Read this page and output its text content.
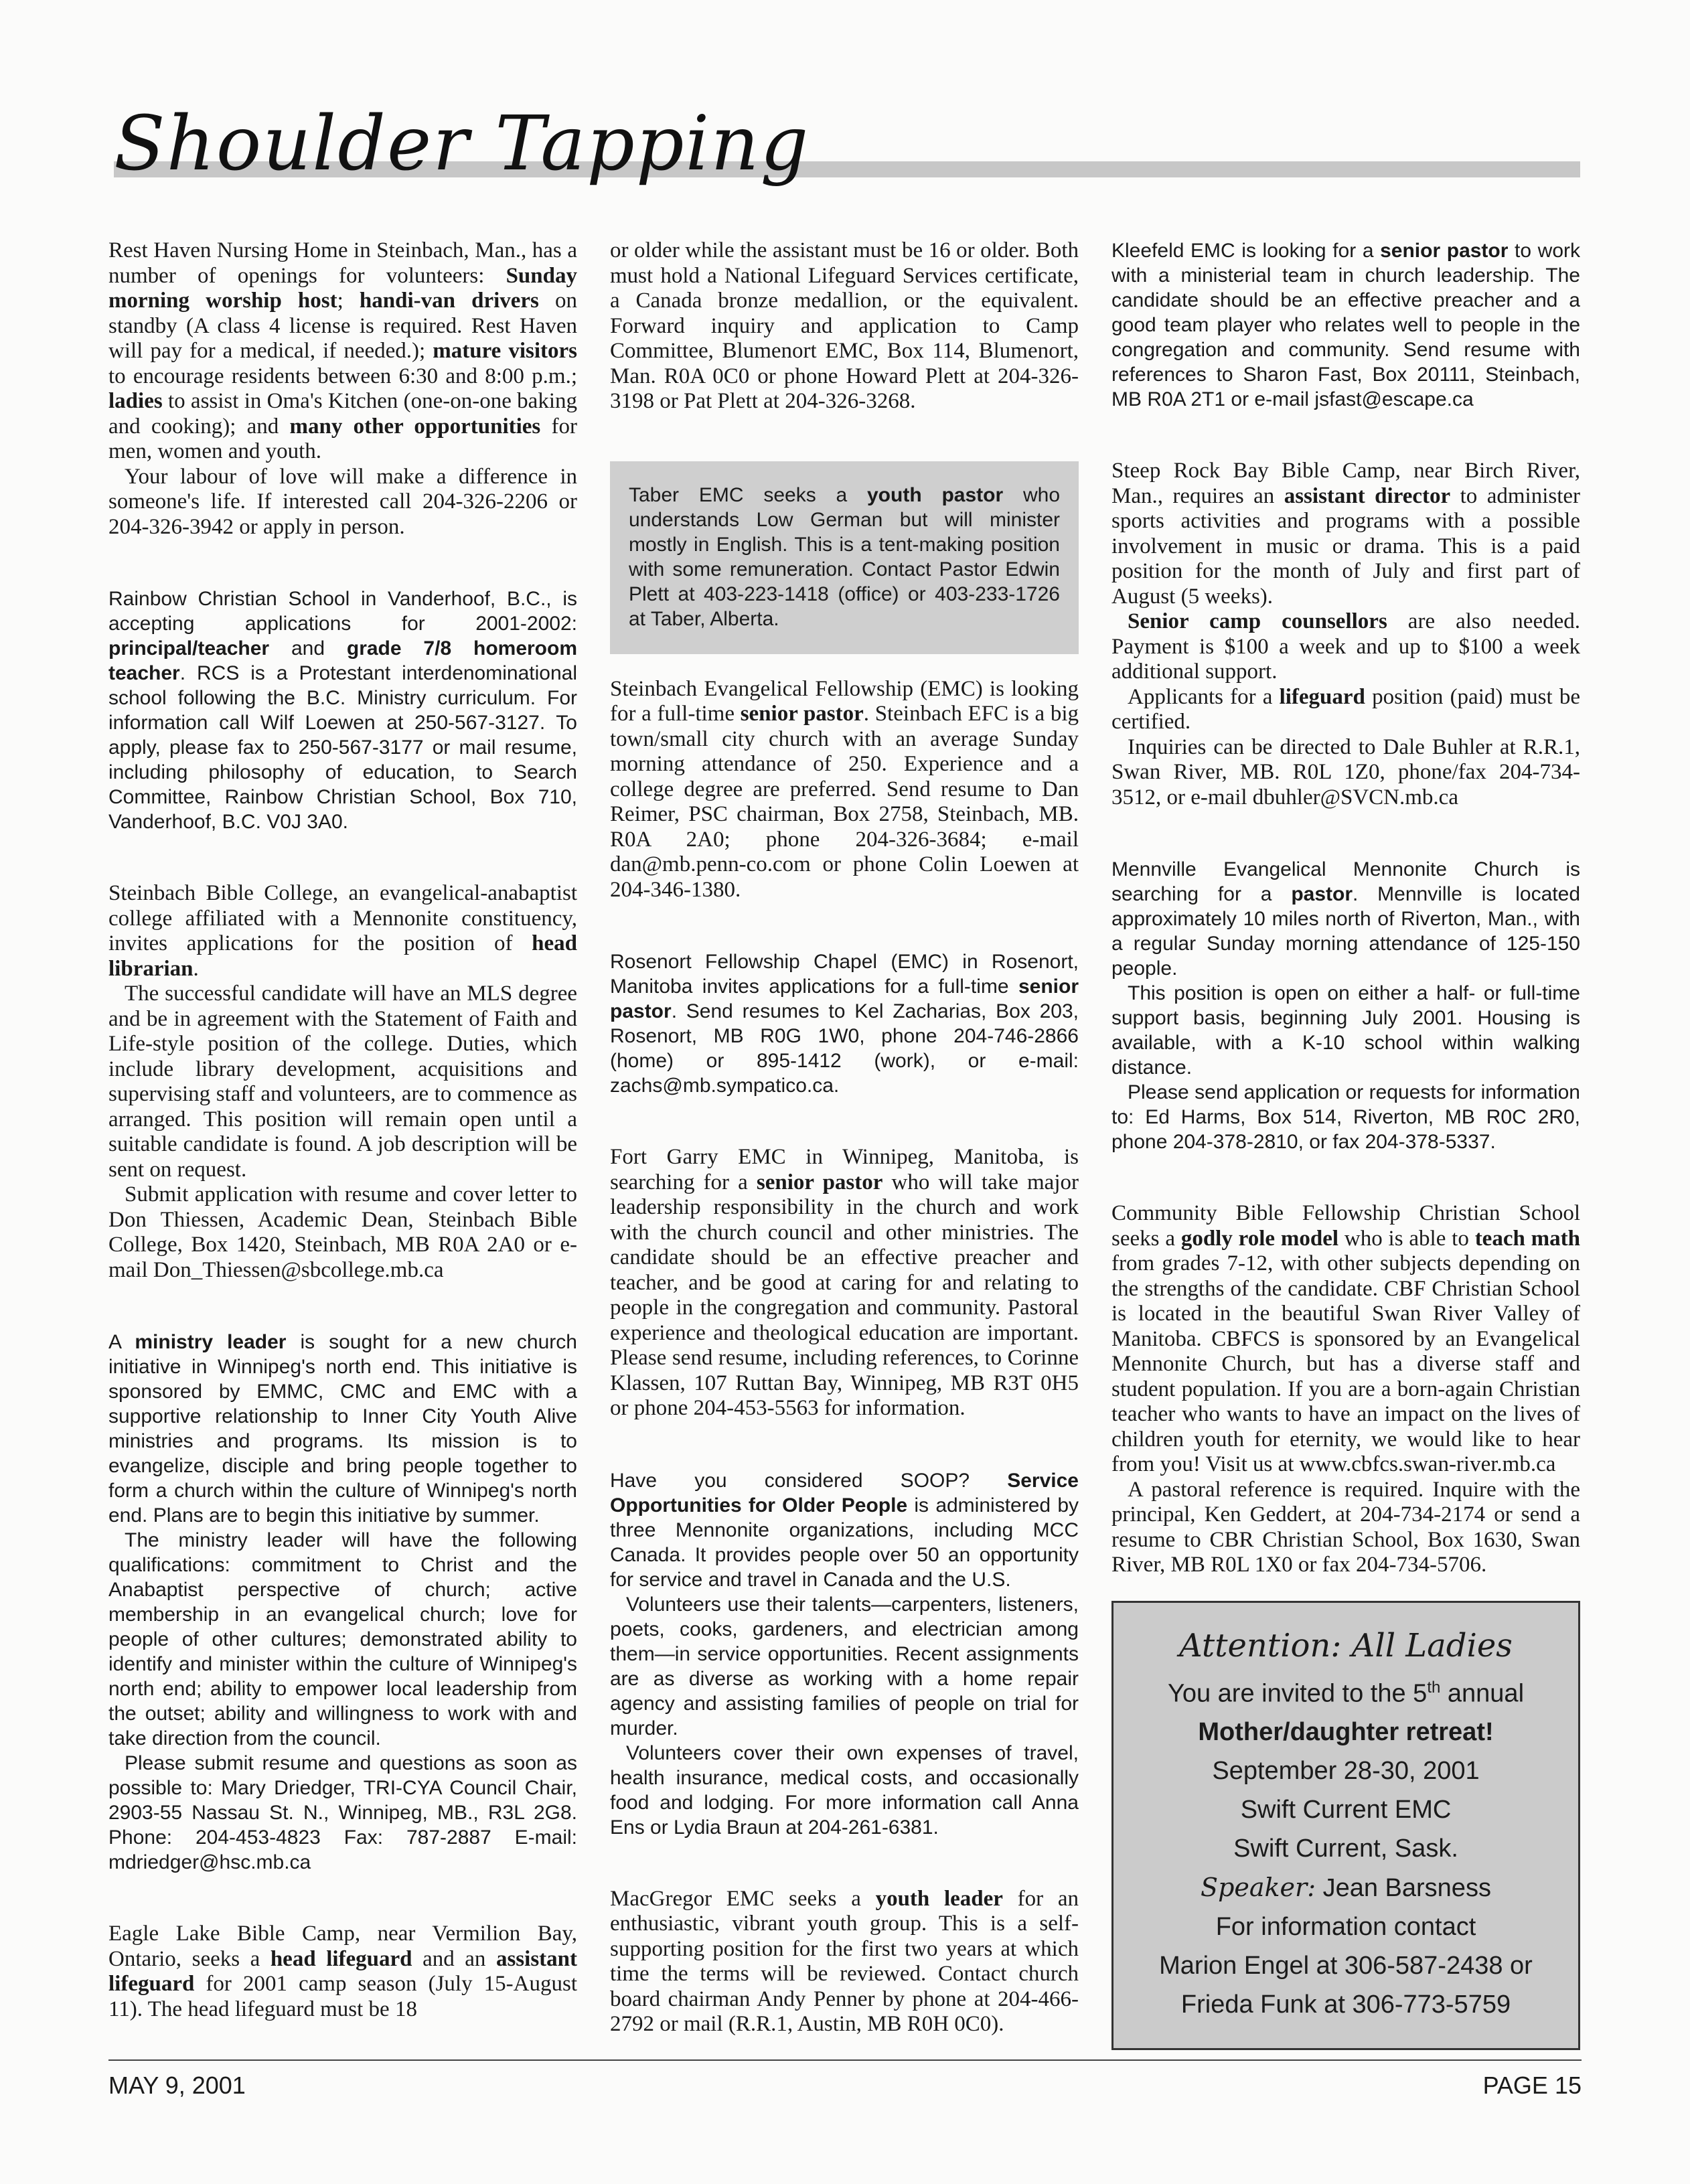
Shoulder Tapping

Rest Haven Nursing Home in Steinbach, Man., has a number of openings for volunteers: Sunday morning worship host; handi-van drivers on standby (A class 4 license is required. Rest Haven will pay for a medical, if needed.); mature visitors to encourage residents between 6:30 and 8:00 p.m.; ladies to assist in Oma's Kitchen (one-on-one baking and cooking); and many other opportunities for men, women and youth.

Your labour of love will make a difference in someone's life. If interested call 204-326-2206 or 204-326-3942 or apply in person.

Rainbow Christian School in Vanderhoof, B.C., is accepting applications for 2001-2002: principal/teacher and grade 7/8 homeroom teacher. RCS is a Protestant interdenominational school following the B.C. Ministry curriculum. For information call Wilf Loewen at 250-567-3127. To apply, please fax to 250-567-3177 or mail resume, including philosophy of education, to Search Committee, Rainbow Christian School, Box 710, Vanderhoof, B.C. V0J 3A0.

Steinbach Bible College, an evangelical-anabaptist college affiliated with a Mennonite constituency, invites applications for the position of head librarian.

The successful candidate will have an MLS degree and be in agreement with the Statement of Faith and Life-style position of the college. Duties, which include library development, acquisitions and supervising staff and volunteers, are to commence as arranged. This position will remain open until a suitable candidate is found. A job description will be sent on request.

Submit application with resume and cover letter to Don Thiessen, Academic Dean, Steinbach Bible College, Box 1420, Steinbach, MB R0A 2A0 or e-mail Don_Thiessen@sbcollege.mb.ca

A ministry leader is sought for a new church initiative in Winnipeg's north end. This initiative is sponsored by EMMC, CMC and EMC with a supportive relationship to Inner City Youth Alive ministries and programs. Its mission is to evangelize, disciple and bring people together to form a church within the culture of Winnipeg's north end. Plans are to begin this initiative by summer.

The ministry leader will have the following qualifications: commitment to Christ and the Anabaptist perspective of church; active membership in an evangelical church; love for people of other cultures; demonstrated ability to identify and minister within the culture of Winnipeg's north end; ability to empower local leadership from the outset; ability and willingness to work with and take direction from the council.

Please submit resume and questions as soon as possible to: Mary Driedger, TRI-CYA Council Chair, 2903-55 Nassau St. N., Winnipeg, MB., R3L 2G8. Phone: 204-453-4823 Fax: 787-2887 E-mail: mdriedger@hsc.mb.ca

Eagle Lake Bible Camp, near Vermilion Bay, Ontario, seeks a head lifeguard and an assistant lifeguard for 2001 camp season (July 15-August 11). The head lifeguard must be 18

or older while the assistant must be 16 or older. Both must hold a National Lifeguard Services certificate, a Canada bronze medallion, or the equivalent. Forward inquiry and application to Camp Committee, Blumenort EMC, Box 114, Blumenort, Man. R0A 0C0 or phone Howard Plett at 204-326-3198 or Pat Plett at 204-326-3268.

Taber EMC seeks a youth pastor who understands Low German but will minister mostly in English. This is a tent-making position with some remuneration. Contact Pastor Edwin Plett at 403-223-1418 (office) or 403-233-1726 at Taber, Alberta.

Steinbach Evangelical Fellowship (EMC) is looking for a full-time senior pastor. Steinbach EFC is a big town/small city church with an average Sunday morning attendance of 250. Experience and a college degree are preferred. Send resume to Dan Reimer, PSC chairman, Box 2758, Steinbach, MB. R0A 2A0; phone 204-326-3684; e-mail dan@mb.penn-co.com or phone Colin Loewen at 204-346-1380.

Rosenort Fellowship Chapel (EMC) in Rosenort, Manitoba invites applications for a full-time senior pastor. Send resumes to Kel Zacharias, Box 203, Rosenort, MB R0G 1W0, phone 204-746-2866 (home) or 895-1412 (work), or e-mail: zachs@mb.sympatico.ca.

Fort Garry EMC in Winnipeg, Manitoba, is searching for a senior pastor who will take major leadership responsibility in the church and work with the church council and other ministries. The candidate should be an effective preacher and teacher, and be good at caring for and relating to people in the congregation and community. Pastoral experience and theological education are important. Please send resume, including references, to Corinne Klassen, 107 Ruttan Bay, Winnipeg, MB R3T 0H5 or phone 204-453-5563 for information.

Have you considered SOOP? Service Opportunities for Older People is administered by three Mennonite organizations, including MCC Canada. It provides people over 50 an opportunity for service and travel in Canada and the U.S.

Volunteers use their talents—carpenters, listeners, poets, cooks, gardeners, and electrician among them—in service opportunities. Recent assignments are as diverse as working with a home repair agency and assisting families of people on trial for murder.

Volunteers cover their own expenses of travel, health insurance, medical costs, and occasionally food and lodging. For more information call Anna Ens or Lydia Braun at 204-261-6381.

MacGregor EMC seeks a youth leader for an enthusiastic, vibrant youth group. This is a self-supporting position for the first two years at which time the terms will be reviewed. Contact church board chairman Andy Penner by phone at 204-466-2792 or mail (R.R.1, Austin, MB R0H 0C0).

Kleefeld EMC is looking for a senior pastor to work with a ministerial team in church leadership. The candidate should be an effective preacher and a good team player who relates well to people in the congregation and community. Send resume with references to Sharon Fast, Box 20111, Steinbach, MB R0A 2T1 or e-mail jsfast@escape.ca

Steep Rock Bay Bible Camp, near Birch River, Man., requires an assistant director to administer sports activities and programs with a possible involvement in music or drama. This is a paid position for the month of July and first part of August (5 weeks).

Senior camp counsellors are also needed. Payment is $100 a week and up to $100 a week additional support.

Applicants for a lifeguard position (paid) must be certified.

Inquiries can be directed to Dale Buhler at R.R.1, Swan River, MB. R0L 1Z0, phone/fax 204-734-3512, or e-mail dbuhler@SVCN.mb.ca

Mennville Evangelical Mennonite Church is searching for a pastor. Mennville is located approximately 10 miles north of Riverton, Man., with a regular Sunday morning attendance of 125-150 people.

This position is open on either a half- or full-time support basis, beginning July 2001. Housing is available, with a K-10 school within walking distance.

Please send application or requests for information to: Ed Harms, Box 514, Riverton, MB R0C 2R0, phone 204-378-2810, or fax 204-378-5337.

Community Bible Fellowship Christian School seeks a godly role model who is able to teach math from grades 7-12, with other subjects depending on the strengths of the candidate. CBF Christian School is located in the beautiful Swan River Valley of Manitoba. CBFCS is sponsored by an Evangelical Mennonite Church, but has a diverse staff and student population. If you are a born-again Christian teacher who wants to have an impact on the lives of children youth for eternity, we would like to hear from you! Visit us at www.cbfcs.swan-river.mb.ca

A pastoral reference is required. Inquire with the principal, Ken Geddert, at 204-734-2174 or send a resume to CBR Christian School, Box 1630, Swan River, MB R0L 1X0 or fax 204-734-5706.

Attention: All Ladies
You are invited to the 5th annual
Mother/daughter retreat!
September 28-30, 2001
Swift Current EMC
Swift Current, Sask.
Speaker: Jean Barsness
For information contact
Marion Engel at 306-587-2438 or
Frieda Funk at 306-773-5759
MAY 9, 2001	PAGE 15
